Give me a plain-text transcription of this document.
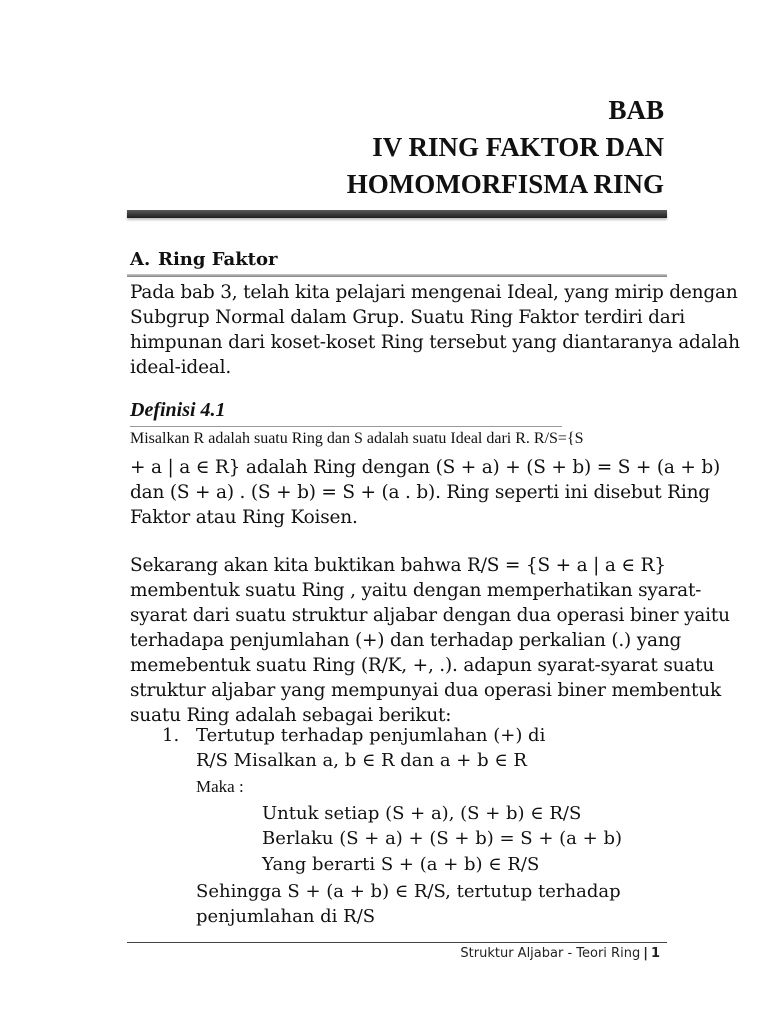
BAB
IV RING FAKTOR DAN
HOMOMORFISMA RING
A. Ring Faktor
Pada bab 3, telah kita pelajari mengenai Ideal, yang mirip dengan
Subgrup Normal dalam Grup. Suatu Ring Faktor terdiri dari
himpunan dari koset-koset Ring tersebut yang diantaranya adalah
ideal-ideal.
Definisi 4.1
Misalkan R adalah suatu Ring dan S adalah suatu Ideal dari R. R/S={S
+ a | a ∈ R} adalah Ring dengan (S + a) + (S + b) = S + (a + b)
dan (S + a) . (S + b) = S + (a . b). Ring seperti ini disebut Ring
Faktor atau Ring Koisen.
Sekarang akan kita buktikan bahwa R/S = {S + a | a ∈ R}
membentuk suatu Ring , yaitu dengan memperhatikan syarat-
syarat dari suatu struktur aljabar dengan dua operasi biner yaitu
terhadapa penjumlahan (+) dan terhadap perkalian (.) yang
memebentuk suatu Ring (R/K, +, .). adapun syarat-syarat suatu
struktur aljabar yang mempunyai dua operasi biner membentuk
suatu Ring adalah sebagai berikut:
1. Tertutup terhadap penjumlahan (+) di
R/S Misalkan a, b ∈ R dan a + b ∈ R
Maka :
Untuk setiap (S + a), (S + b) ∈ R/S
Berlaku (S + a) + (S + b) = S + (a + b)
Yang berarti S + (a + b) ∈ R/S
Sehingga S + (a + b) ∈ R/S, tertutup terhadap
penjumlahan di R/S
Struktur Aljabar - Teori Ring | 1
